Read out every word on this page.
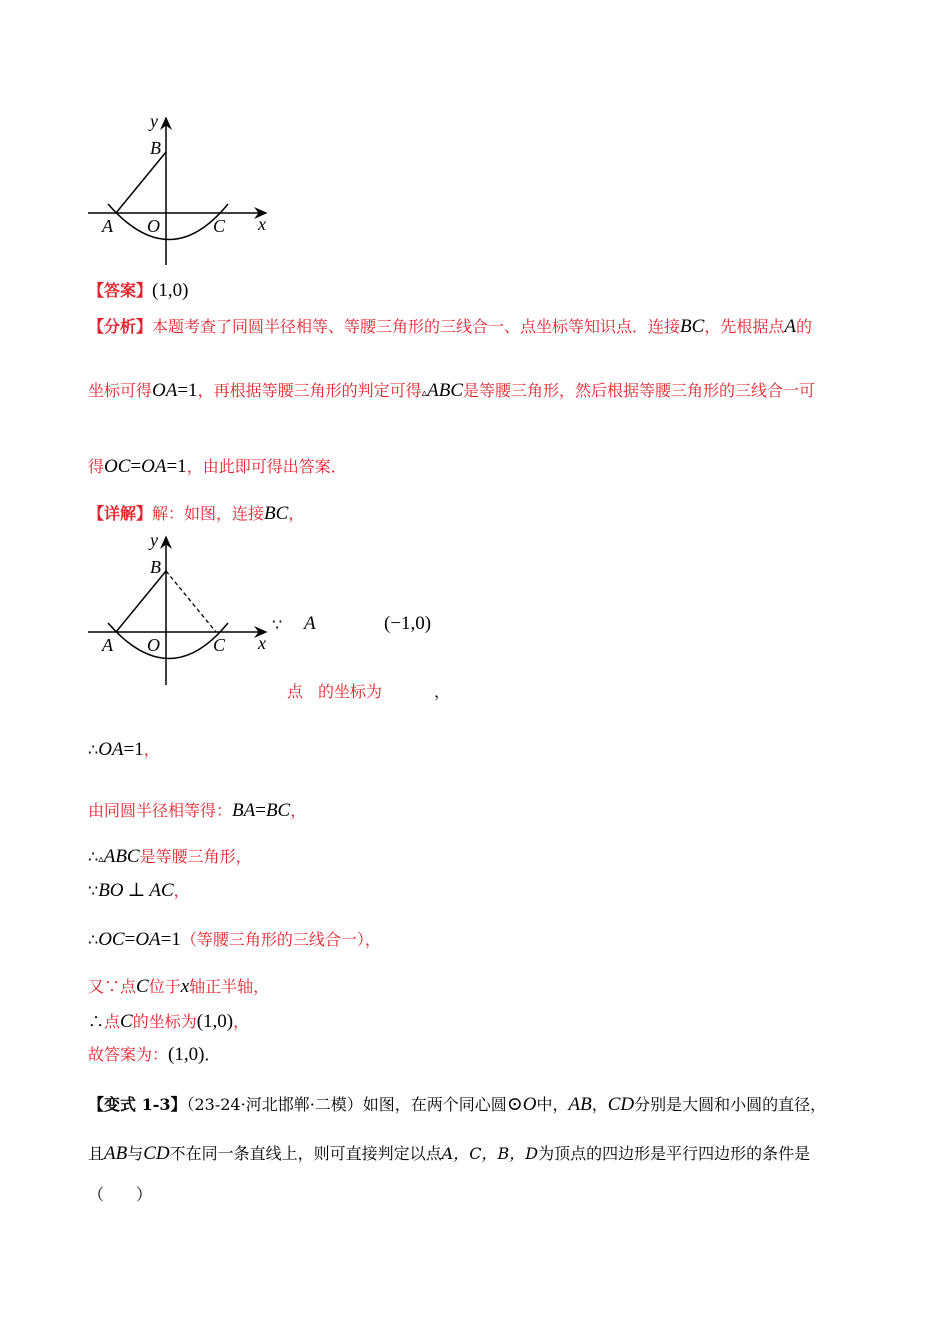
y
B
A O	C x
【答案】(1,0)
【分析】本题考查了同圆半径相等、等腰三角形的三线合一、点坐标等知识点．连接BC，先根据点A的
坐标可得OA=1，再根据等腰三角形的判定可得▵ABC是等腰三角形，然后根据等腰三角形的三线合一可
得OC=OA=1，由此即可得出答案．
【详解】解：如图，连接BC，
y
B
A O	C x
∵ A	(−1,0)
点 的坐标为	，
∴OA=1，
由同圆半径相等得：BA=BC，
∴▵ABC是等腰三角形，
∵BO ⊥ AC，
∴OC=OA=1（等腰三角形的三线合一），
又∵点C位于x轴正半轴，
∴点C的坐标为(1,0)，
故答案为：(1,0)．
【变式 1-3】（23-24·河北邯郸·二模）如图，在两个同心圆⊙O中，AB，CD分别是大圆和小圆的直径，
且AB与CD不在同一条直线上，则可直接判定以点A，C，B，D为顶点的四边形是平行四边形的条件是
（　　）
